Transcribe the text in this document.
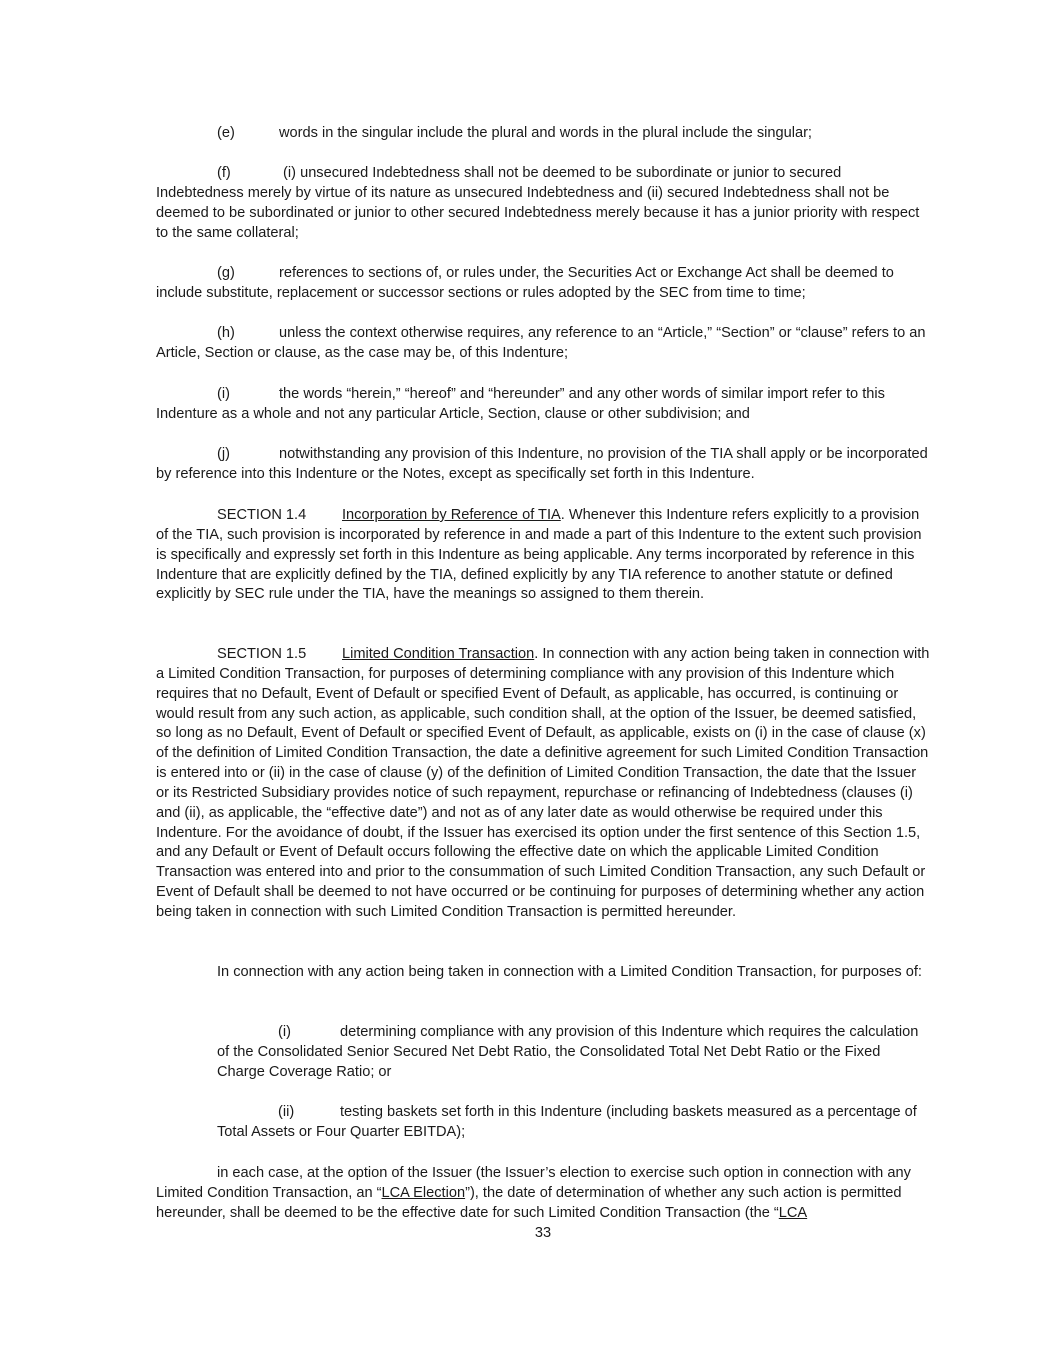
(e)	words in the singular include the plural and words in the plural include the singular;

(f)	(i) unsecured Indebtedness shall not be deemed to be subordinate or junior to secured Indebtedness merely by virtue of its nature as unsecured Indebtedness and (ii) secured Indebtedness shall not be deemed to be subordinated or junior to other secured Indebtedness merely because it has a junior priority with respect to the same collateral;

(g)	references to sections of, or rules under, the Securities Act or Exchange Act shall be deemed to include substitute, replacement or successor sections or rules adopted by the SEC from time to time;

(h)	unless the context otherwise requires, any reference to an “Article,” “Section” or “clause” refers to an Article, Section or clause, as the case may be, of this Indenture;

(i)	the words “herein,” “hereof” and “hereunder” and any other words of similar import refer to this Indenture as a whole and not any particular Article, Section, clause or other subdivision; and

(j)	notwithstanding any provision of this Indenture, no provision of the TIA shall apply or be incorporated by reference into this Indenture or the Notes, except as specifically set forth in this Indenture.

SECTION 1.4 Incorporation by Reference of TIA. Whenever this Indenture refers explicitly to a provision of the TIA, such provision is incorporated by reference in and made a part of this Indenture to the extent such provision is specifically and expressly set forth in this Indenture as being applicable. Any terms incorporated by reference in this Indenture that are explicitly defined by the TIA, defined explicitly by any TIA reference to another statute or defined explicitly by SEC rule under the TIA, have the meanings so assigned to them therein.

SECTION 1.5 Limited Condition Transaction. In connection with any action being taken in connection with a Limited Condition Transaction, for purposes of determining compliance with any provision of this Indenture which requires that no Default, Event of Default or specified Event of Default, as applicable, has occurred, is continuing or would result from any such action, as applicable, such condition shall, at the option of the Issuer, be deemed satisfied, so long as no Default, Event of Default or specified Event of Default, as applicable, exists on (i) in the case of clause (x) of the definition of Limited Condition Transaction, the date a definitive agreement for such Limited Condition Transaction is entered into or (ii) in the case of clause (y) of the definition of Limited Condition Transaction, the date that the Issuer or its Restricted Subsidiary provides notice of such repayment, repurchase or refinancing of Indebtedness (clauses (i) and (ii), as applicable, the “effective date”) and not as of any later date as would otherwise be required under this Indenture. For the avoidance of doubt, if the Issuer has exercised its option under the first sentence of this Section 1.5, and any Default or Event of Default occurs following the effective date on which the applicable Limited Condition Transaction was entered into and prior to the consummation of such Limited Condition Transaction, any such Default or Event of Default shall be deemed to not have occurred or be continuing for purposes of determining whether any action being taken in connection with such Limited Condition Transaction is permitted hereunder.

In connection with any action being taken in connection with a Limited Condition Transaction, for purposes of:

(i)	determining compliance with any provision of this Indenture which requires the calculation of the Consolidated Senior Secured Net Debt Ratio, the Consolidated Total Net Debt Ratio or the Fixed Charge Coverage Ratio; or

(ii)	testing baskets set forth in this Indenture (including baskets measured as a percentage of Total Assets or Four Quarter EBITDA);

in each case, at the option of the Issuer (the Issuer’s election to exercise such option in connection with any Limited Condition Transaction, an “LCA Election”), the date of determination of whether any such action is permitted hereunder, shall be deemed to be the effective date for such Limited Condition Transaction (the “LCA

33
